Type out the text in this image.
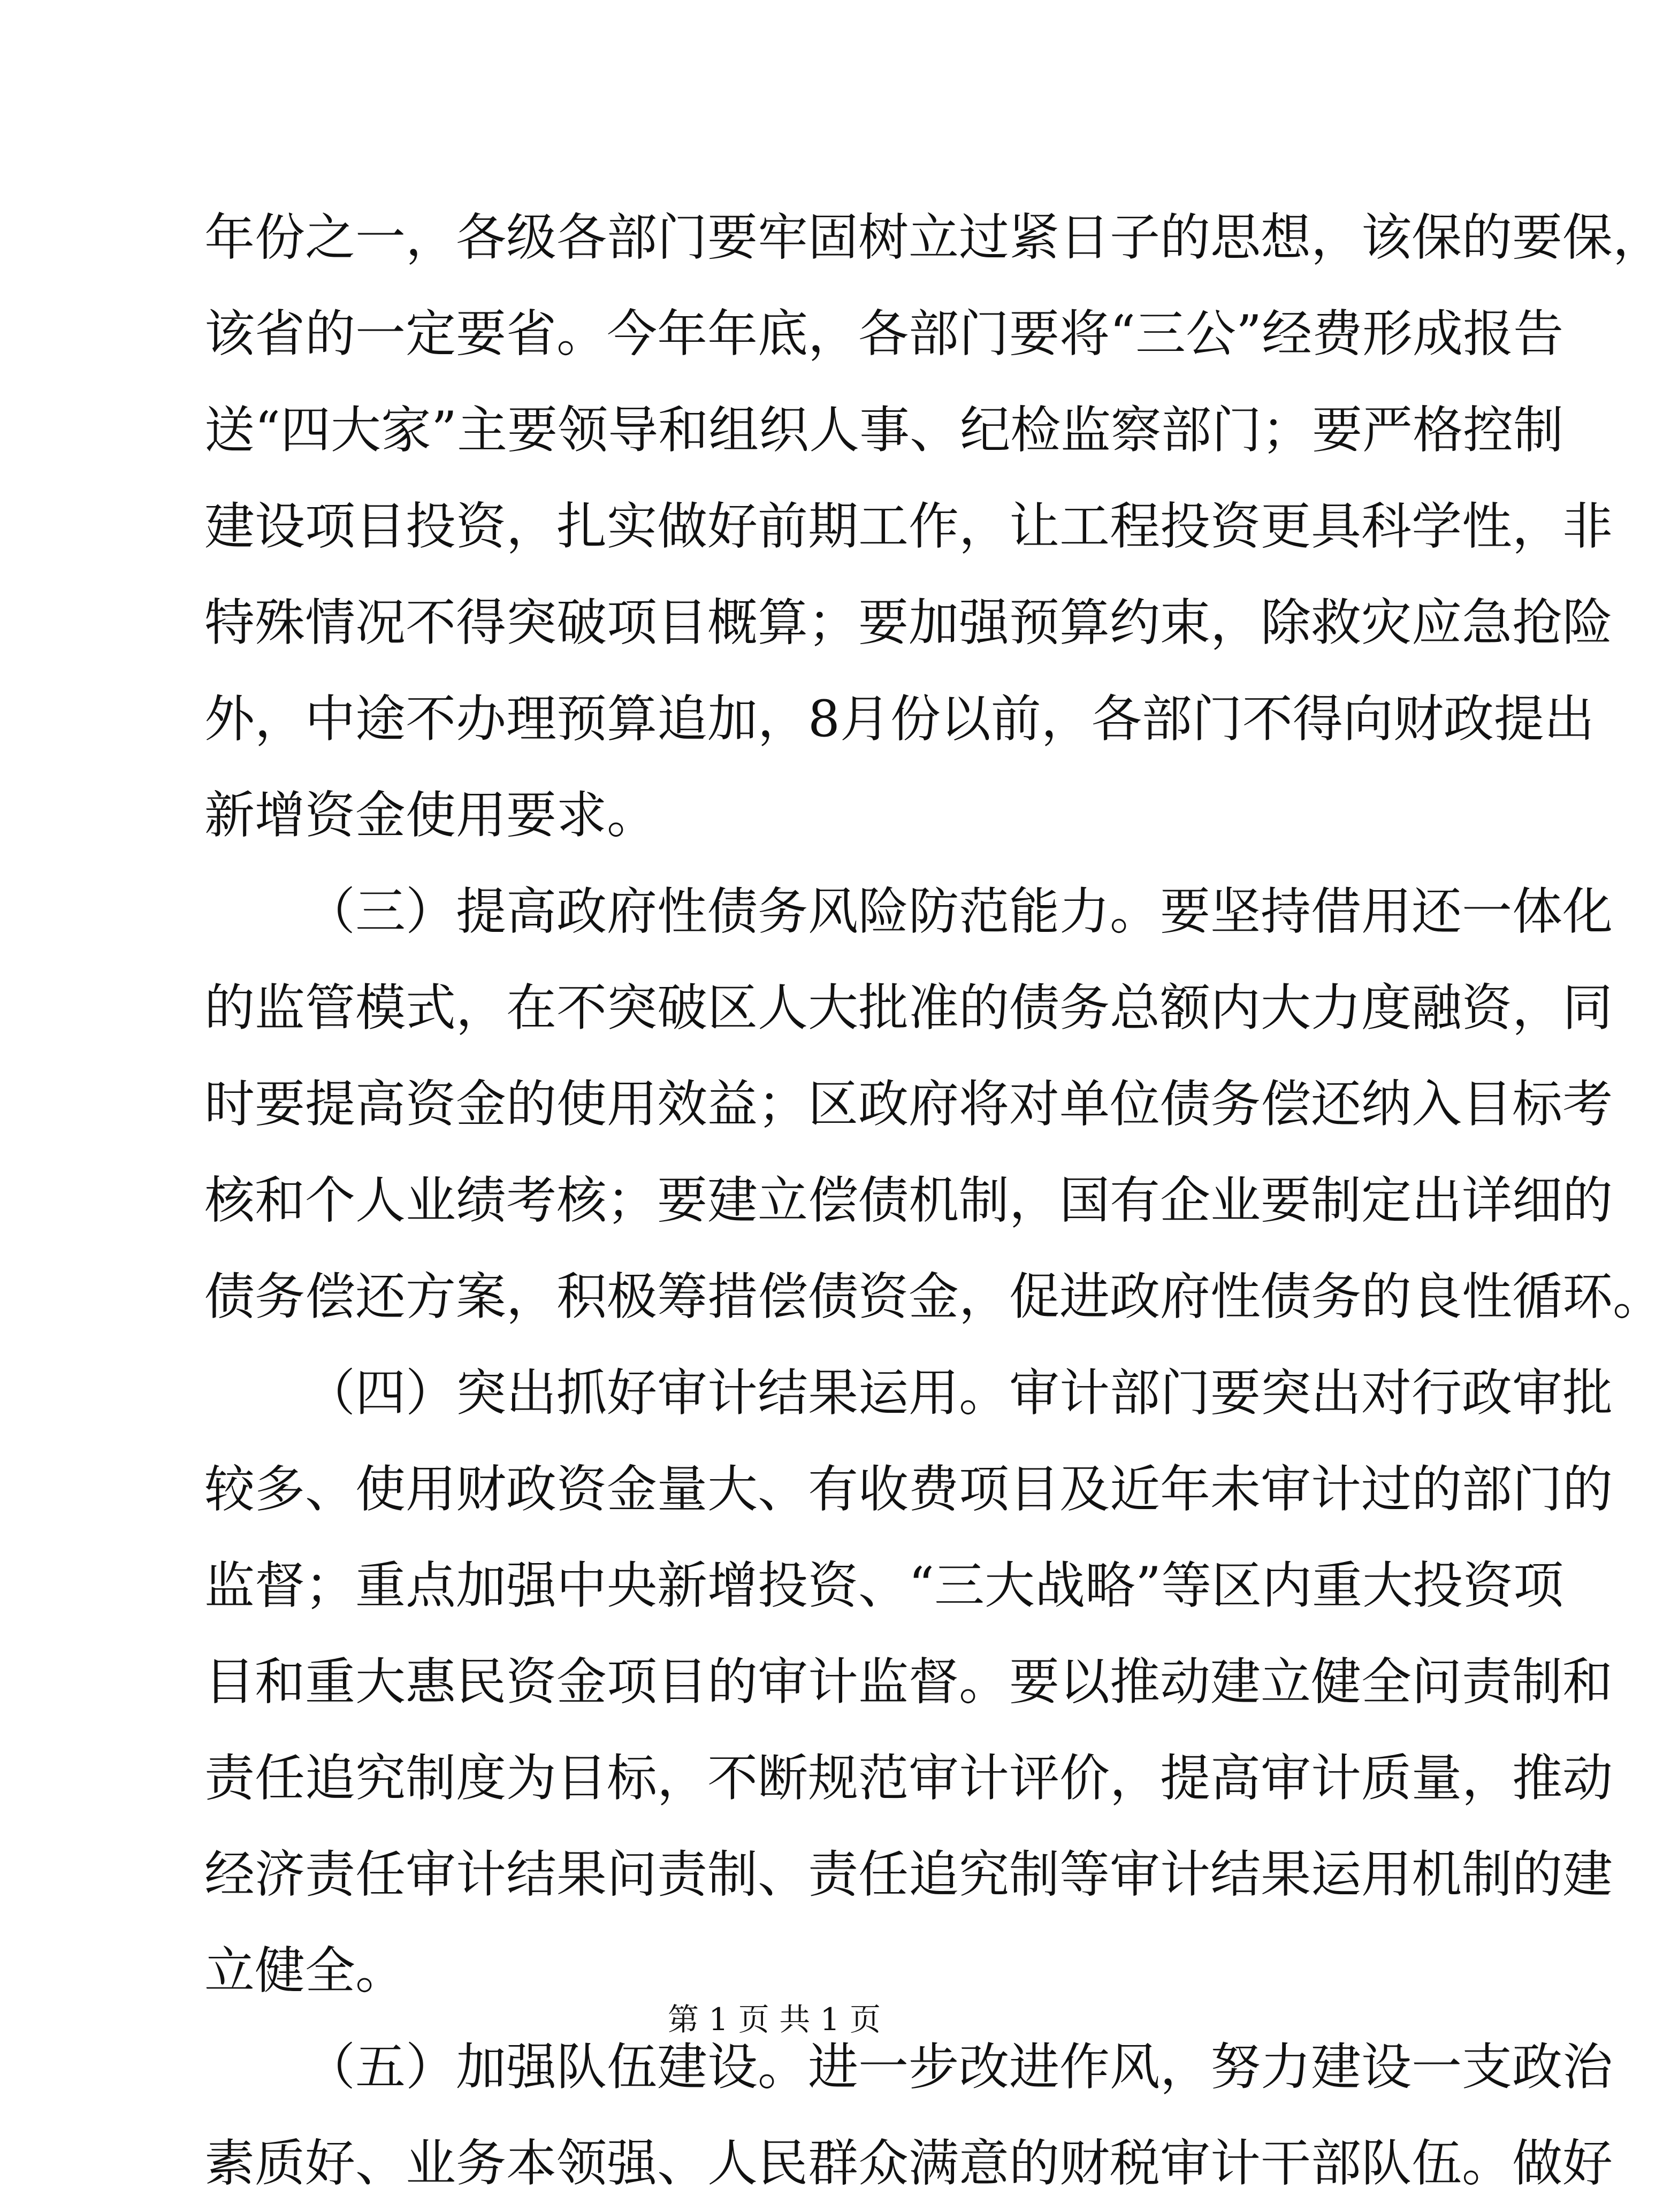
年份之一，各级各部门要牢固树立过紧日子的思想，该保的要保，
该省的一定要省。今年年底，各部门要将“三公”经费形成报告
送“四大家”主要领导和组织人事、纪检监察部门；要严格控制
建设项目投资，扎实做好前期工作，让工程投资更具科学性，非
特殊情况不得突破项目概算；要加强预算约束，除救灾应急抢险
外，中途不办理预算追加，8月份以前，各部门不得向财政提出
新增资金使用要求。
（三）提高政府性债务风险防范能力。要坚持借用还一体化
的监管模式，在不突破区人大批准的债务总额内大力度融资，同
时要提高资金的使用效益；区政府将对单位债务偿还纳入目标考
核和个人业绩考核；要建立偿债机制，国有企业要制定出详细的
债务偿还方案，积极筹措偿债资金，促进政府性债务的良性循环。
（四）突出抓好审计结果运用。审计部门要突出对行政审批
较多、使用财政资金量大、有收费项目及近年未审计过的部门的
监督；重点加强中央新增投资、“三大战略”等区内重大投资项
目和重大惠民资金项目的审计监督。要以推动建立健全问责制和
责任追究制度为目标，不断规范审计评价，提高审计质量，推动
经济责任审计结果问责制、责任追究制等审计结果运用机制的建
立健全。
（五）加强队伍建设。进一步改进作风，努力建设一支政治
素质好、业务本领强、人民群众满意的财税审计干部队伍。做好
第 1 页 共 1 页
